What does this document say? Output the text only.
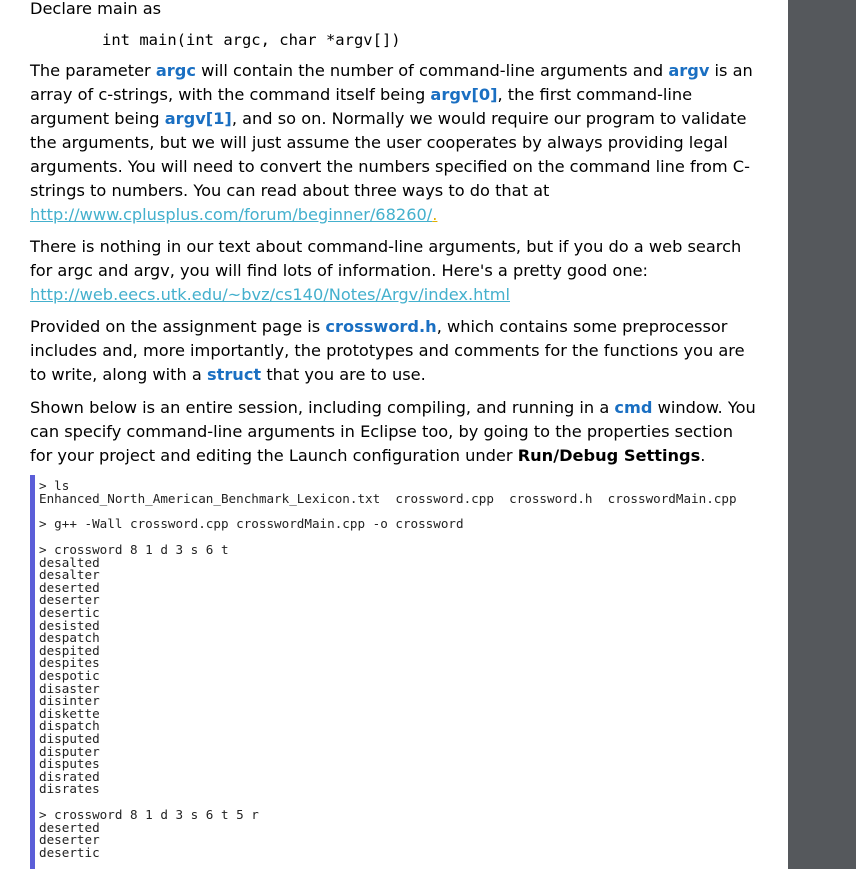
Declare main as
int main(int argc, char *argv[])
The parameter argc will contain the number of command-line arguments and argv is an
array of c-strings, with the command itself being argv[0], the first command-line
argument being argv[1], and so on. Normally we would require our program to validate
the arguments, but we will just assume the user cooperates by always providing legal
arguments. You will need to convert the numbers specified on the command line from C-
strings to numbers. You can read about three ways to do that at
http://www.cplusplus.com/forum/beginner/68260/.
There is nothing in our text about command-line arguments, but if you do a web search
for argc and argv, you will find lots of information. Here's a pretty good one:
http://web.eecs.utk.edu/~bvz/cs140/Notes/Argv/index.html
Provided on the assignment page is crossword.h, which contains some preprocessor
includes and, more importantly, the prototypes and comments for the functions you are
to write, along with a struct that you are to use.
Shown below is an entire session, including compiling, and running in a cmd window. You
can specify command-line arguments in Eclipse too, by going to the properties section
for your project and editing the Launch configuration under Run/Debug Settings.
> ls
Enhanced_North_American_Benchmark_Lexicon.txt  crossword.cpp  crossword.h  crosswordMain.cpp
> g++ -Wall crossword.cpp crosswordMain.cpp -o crossword
> crossword 8 1 d 3 s 6 t
desalted
desalter
deserted
deserter
desertic
desisted
despatch
despited
despites
despotic
disaster
disinter
diskette
dispatch
disputed
disputer
disputes
disrated
disrates
> crossword 8 1 d 3 s 6 t 5 r
deserted
deserter
desertic
